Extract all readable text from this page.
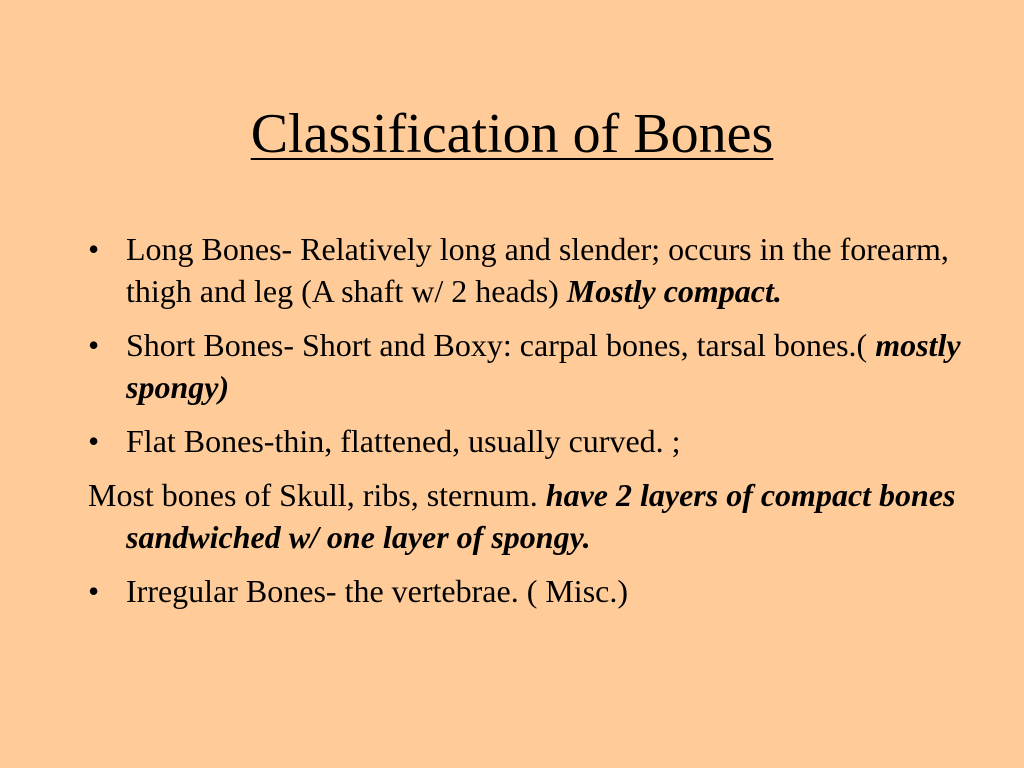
Classification of Bones
• Long Bones- Relatively long and slender; occurs in the forearm, thigh and leg (A shaft w/ 2 heads) Mostly compact.
• Short Bones- Short and Boxy: carpal bones, tarsal bones.( mostly spongy)
• Flat Bones-thin, flattened, usually curved. ;
Most bones of Skull, ribs, sternum. have 2 layers of compact bones sandwiched w/ one layer of spongy.
• Irregular Bones- the vertebrae. ( Misc.)
